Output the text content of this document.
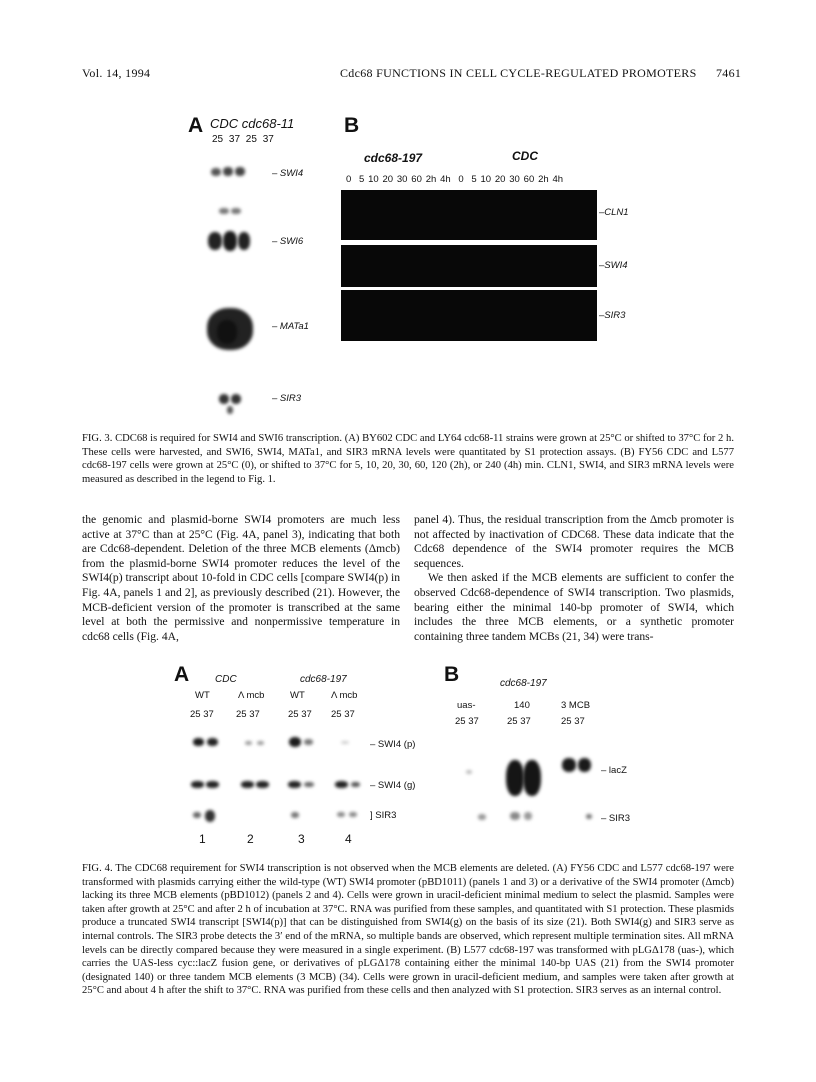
Vol. 14, 1994	Cdc68 FUNCTIONS IN CELL CYCLE-REGULATED PROMOTERS 7461
A CDC cdc68-11
25 37 25 37
– SWI4
– SWI6
– MATa1
– SIR3
B
cdc68-197	CDC
0  5 10 20 30 60 2h 4h  0  5 10 20 30 60 2h 4h
–CLN1
–SWI4
–SIR3
FIG. 3. CDC68 is required for SWI4 and SWI6 transcription. (A) BY602 CDC and LY64 cdc68-11 strains were grown at 25°C or shifted to 37°C for 2 h. These cells were harvested, and SWI6, SWI4, MATa1, and SIR3 mRNA levels were quantitated by S1 protection assays. (B) FY56 CDC and L577 cdc68-197 cells were grown at 25°C (0), or shifted to 37°C for 5, 10, 20, 30, 60, 120 (2h), or 240 (4h) min. CLN1, SWI4, and SIR3 mRNA levels were measured as described in the legend to Fig. 1.
the genomic and plasmid-borne SWI4 promoters are much less active at 37°C than at 25°C (Fig. 4A, panel 3), indicating that both are Cdc68-dependent. Deletion of the three MCB elements (Δmcb) from the plasmid-borne SWI4 promoter reduces the level of the SWI4(p) transcript about 10-fold in CDC cells [compare SWI4(p) in Fig. 4A, panels 1 and 2], as previously described (21). However, the MCB-deficient version of the promoter is transcribed at the same level at both the permissive and nonpermissive temperature in cdc68 cells (Fig. 4A,
panel 4). Thus, the residual transcription from the Δmcb promoter is not affected by inactivation of CDC68. These data indicate that the Cdc68 dependence of the SWI4 promoter requires the MCB sequences.
We then asked if the MCB elements are sufficient to confer the observed Cdc68-dependence of SWI4 transcription. Two plasmids, bearing either the minimal 140-bp promoter of SWI4, which includes the three MCB elements, or a synthetic promoter containing three tandem MCBs (21, 34) were trans-
A	CDC	cdc68-197
WT	Λ mcb	WT	Λ mcb
25 37 25 37	25 37 25 37
– SWI4 (p)
– SWI4 (g)
] SIR3
1	2	3	4
B	cdc68-197
uas-	140	3 MCB
25 37	25 37	25 37
– lacZ
– SIR3
FIG. 4. The CDC68 requirement for SWI4 transcription is not observed when the MCB elements are deleted. (A) FY56 CDC and L577 cdc68-197 were transformed with plasmids carrying either the wild-type (WT) SWI4 promoter (pBD1011) (panels 1 and 3) or a derivative of the SWI4 promoter (Δmcb) lacking its three MCB elements (pBD1012) (panels 2 and 4). Cells were grown in uracil-deficient minimal medium to select the plasmid. Samples were taken after growth at 25°C and after 2 h of incubation at 37°C. RNA was purified from these samples, and quantitated with S1 protection. These plasmids produce a truncated SWI4 transcript [SWI4(p)] that can be distinguished from SWI4(g) on the basis of its size (21). Both SWI4(g) and SIR3 serve as internal controls. The SIR3 probe detects the 3′ end of the mRNA, so multiple bands are observed, which represent multiple termination sites. All mRNA levels can be directly compared because they were measured in a single experiment. (B) L577 cdc68-197 was transformed with pLGΔ178 (uas-), which carries the UAS-less cyc::lacZ fusion gene, or derivatives of pLGΔ178 containing either the minimal 140-bp UAS (21) from the SWI4 promoter (designated 140) or three tandem MCB elements (3 MCB) (34). Cells were grown in uracil-deficient medium, and samples were taken after growth at 25°C and about 4 h after the shift to 37°C. RNA was purified from these cells and then analyzed with S1 protection. SIR3 serves as an internal control.
